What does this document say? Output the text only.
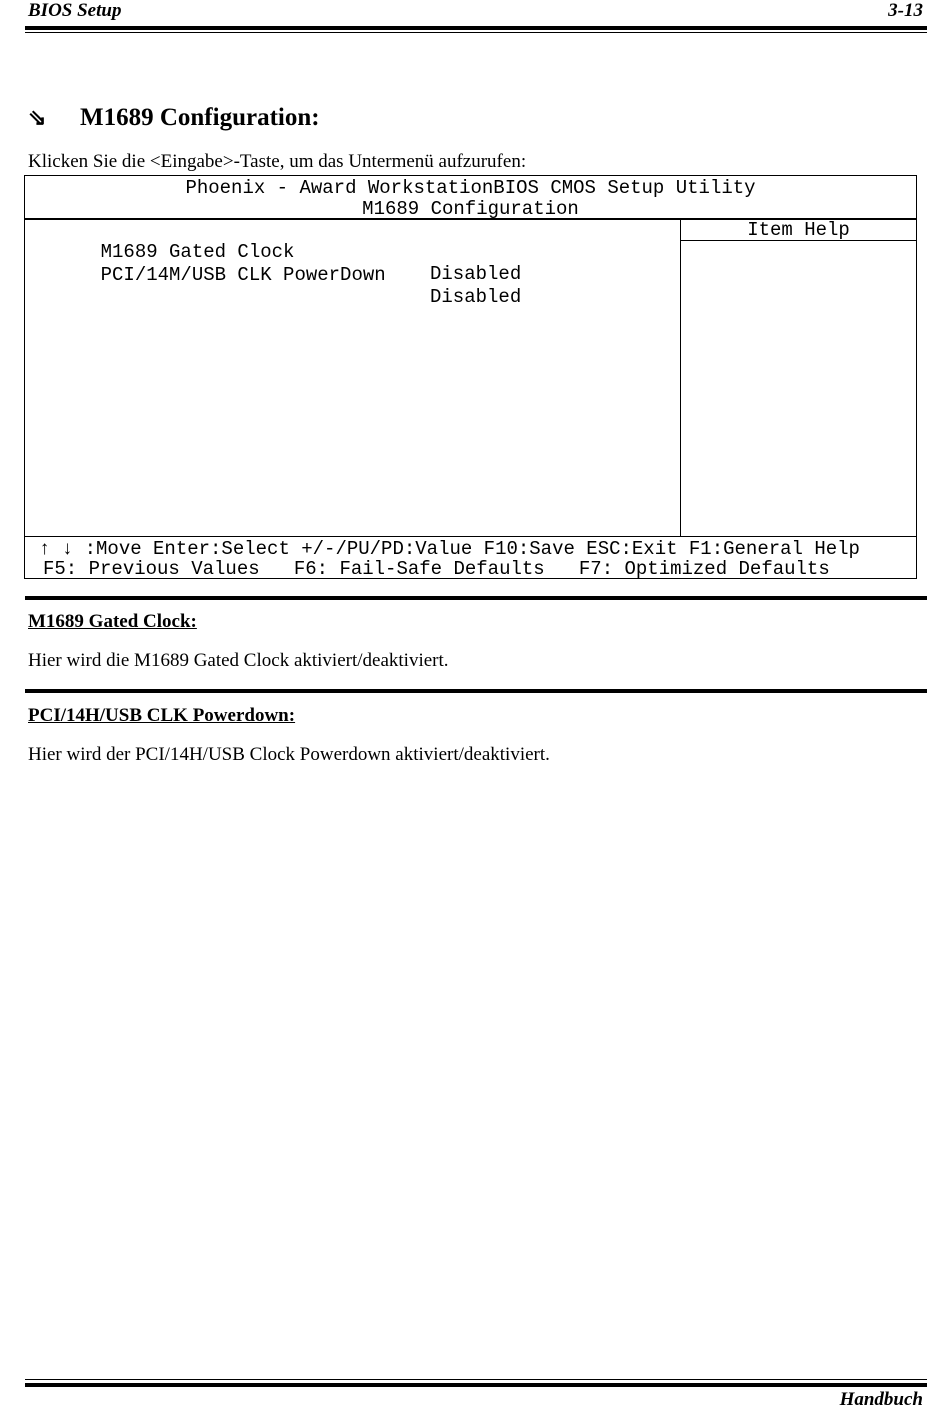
BIOS Setup	3-13
⇘ M1689 Configuration:
Klicken Sie die <Eingabe>-Taste, um das Untermenü aufzurufen:
Phoenix - Award WorkstationBIOS CMOS Setup Utility
M1689 Configuration
Item Help

M1689 Gated Clock

Disabled

PCI/14M/USB CLK PowerDown

Disabled

↑ ↓ :Move Enter:Select +/-/PU/PD:Value F10:Save ESC:Exit F1:General Help
F5: Previous Values   F6: Fail-Safe Defaults   F7: Optimized Defaults
M1689 Gated Clock:
Hier wird die M1689 Gated Clock aktiviert/deaktiviert.
PCI/14H/USB CLK Powerdown:
Hier wird der PCI/14H/USB Clock Powerdown aktiviert/deaktiviert.
Handbuch
